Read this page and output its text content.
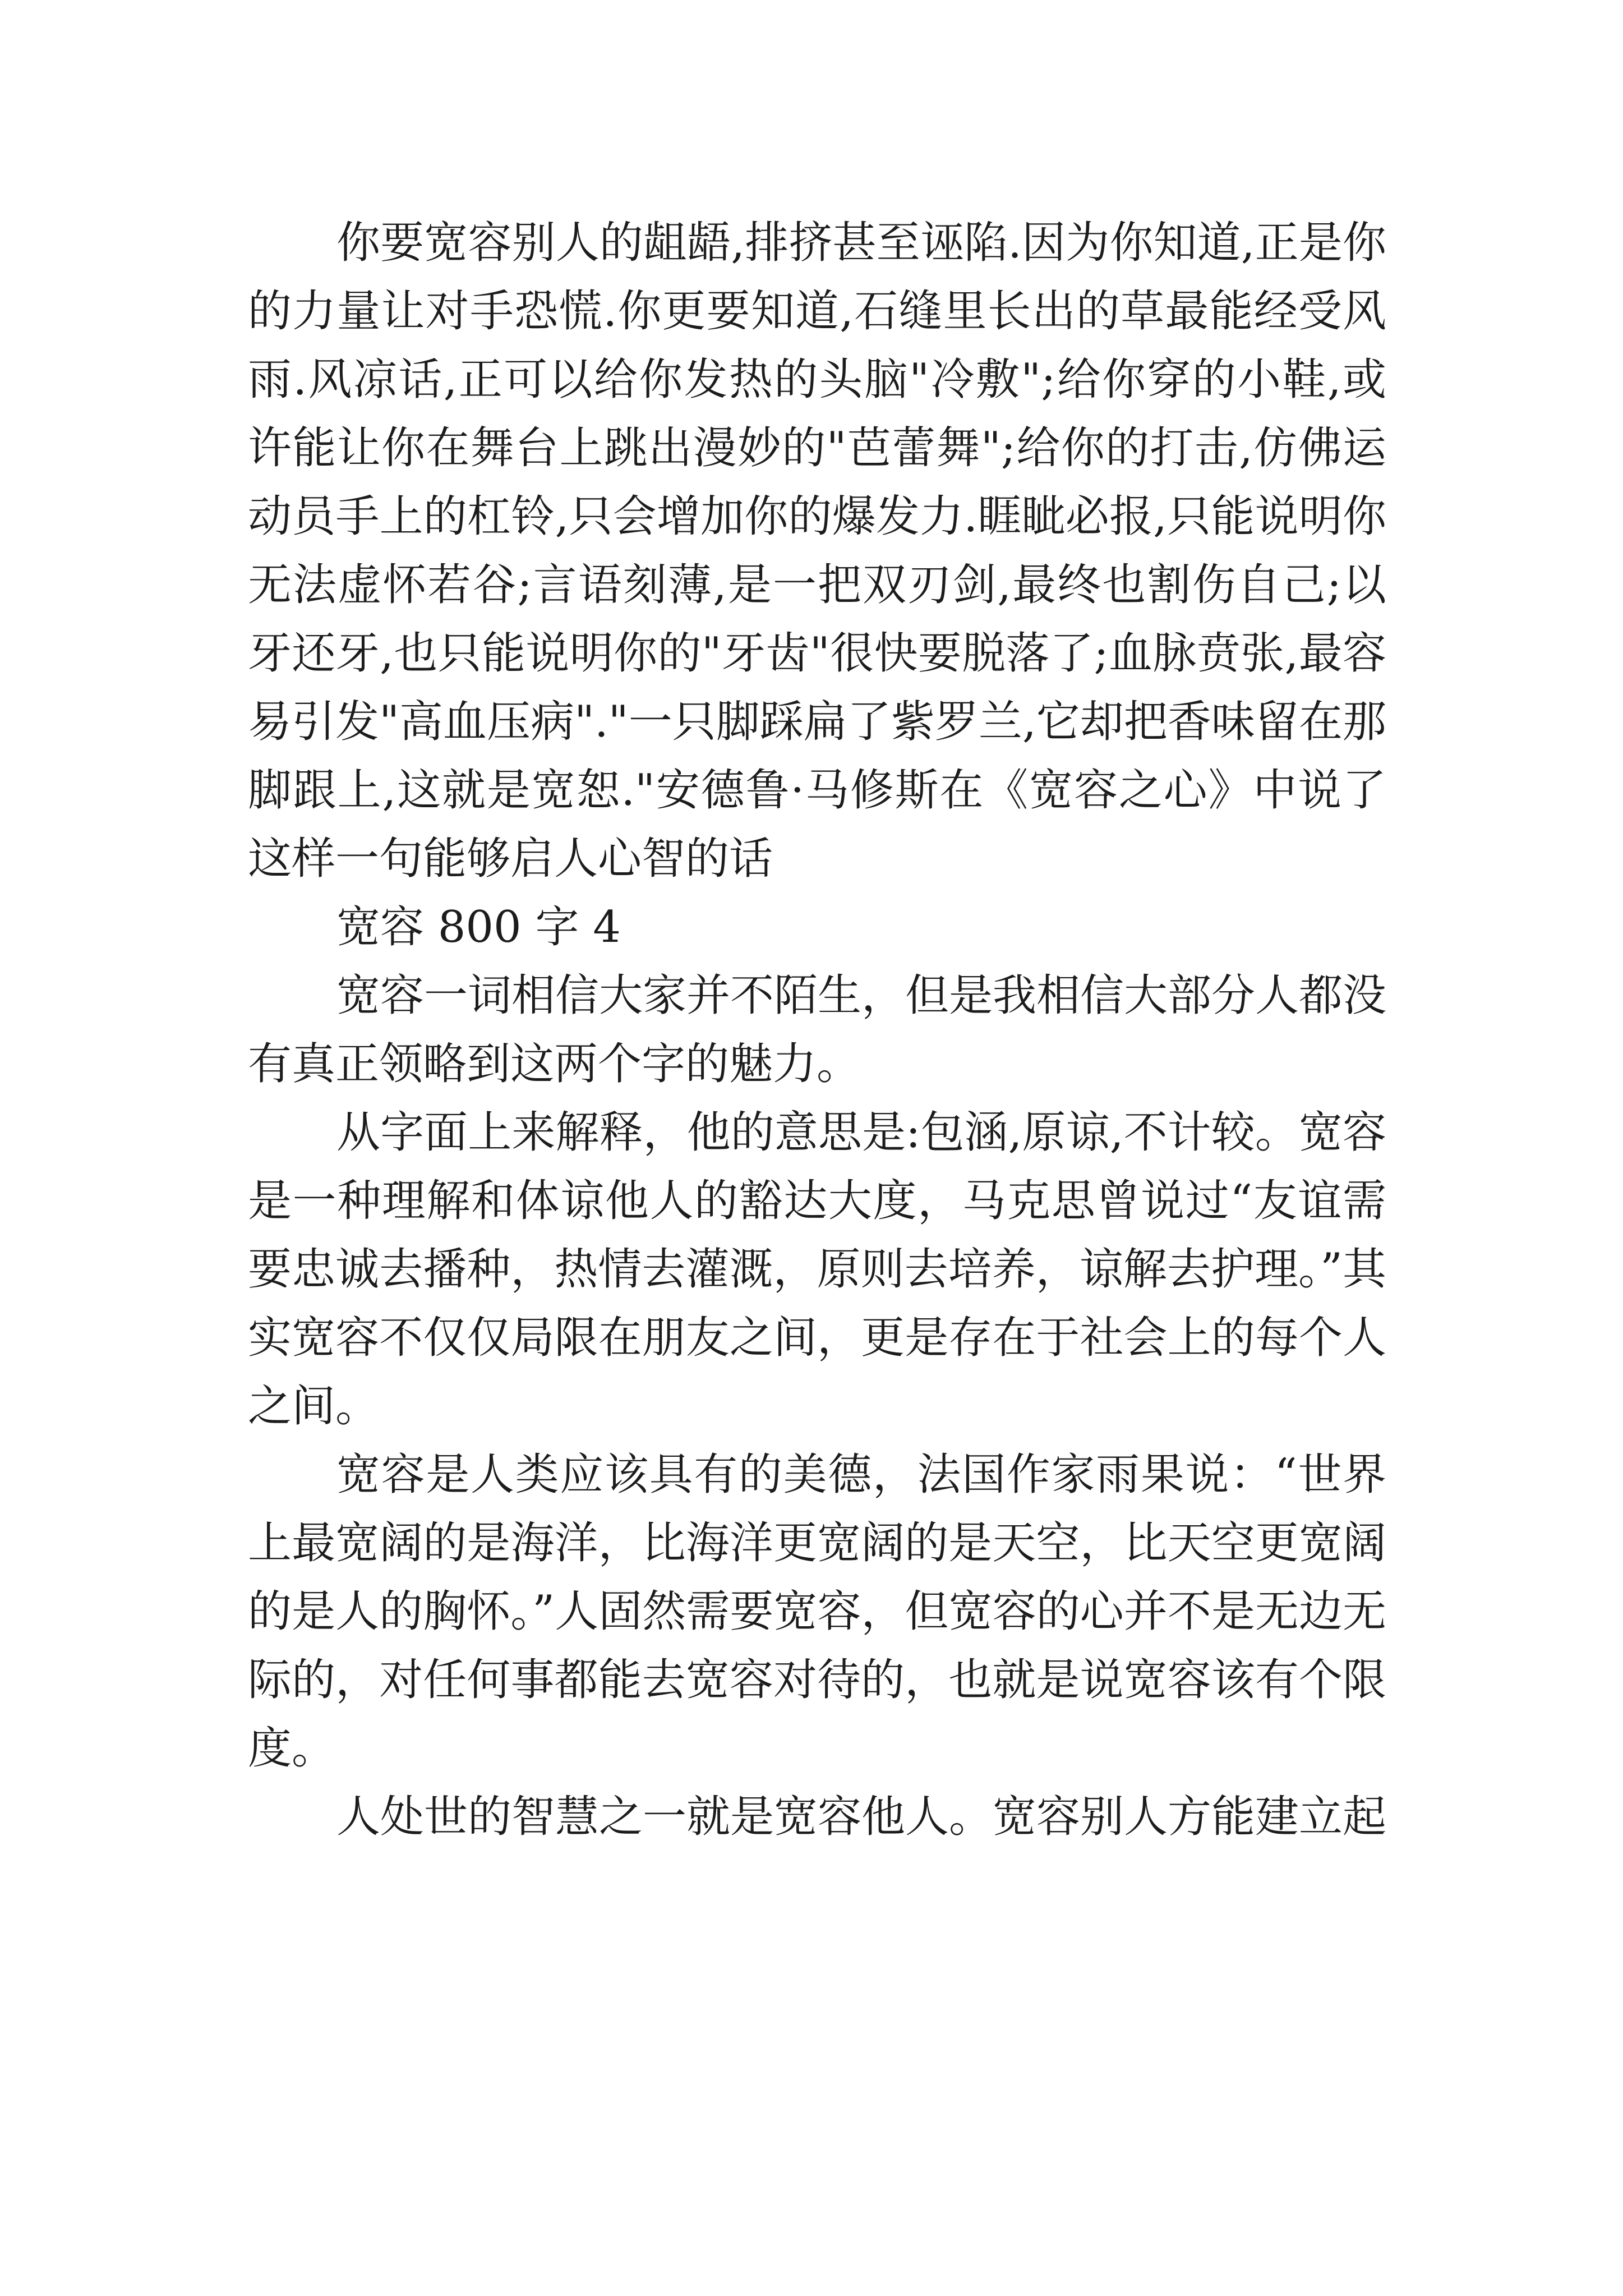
你要宽容别人的龃龉,排挤甚至诬陷.因为你知道,正是你的力量让对手恐慌.你更要知道,石缝里长出的草最能经受风雨.风凉话,正可以给你发热的头脑"冷敷";给你穿的小鞋,或许能让你在舞台上跳出漫妙的"芭蕾舞";给你的打击,仿佛运动员手上的杠铃,只会增加你的爆发力.睚眦必报,只能说明你无法虚怀若谷;言语刻薄,是一把双刃剑,最终也割伤自己;以牙还牙,也只能说明你的"牙齿"很快要脱落了;血脉贲张,最容易引发"高血压病"."一只脚踩扁了紫罗兰,它却把香味留在那脚跟上,这就是宽恕."安德鲁·马修斯在《宽容之心》中说了这样一句能够启人心智的话

宽容 800 字 4

宽容一词相信大家并不陌生，但是我相信大部分人都没有真正领略到这两个字的魅力。

从字面上来解释，他的意思是:包涵,原谅,不计较。宽容是一种理解和体谅他人的豁达大度，马克思曾说过“友谊需要忠诚去播种，热情去灌溉，原则去培养，谅解去护理。”其实宽容不仅仅局限在朋友之间，更是存在于社会上的每个人之间。

宽容是人类应该具有的美德，法国作家雨果说：“世界上最宽阔的是海洋，比海洋更宽阔的是天空，比天空更宽阔的是人的胸怀。”人固然需要宽容，但宽容的心并不是无边无际的，对任何事都能去宽容对待的，也就是说宽容该有个限度。

人处世的智慧之一就是宽容他人。宽容别人方能建立起
